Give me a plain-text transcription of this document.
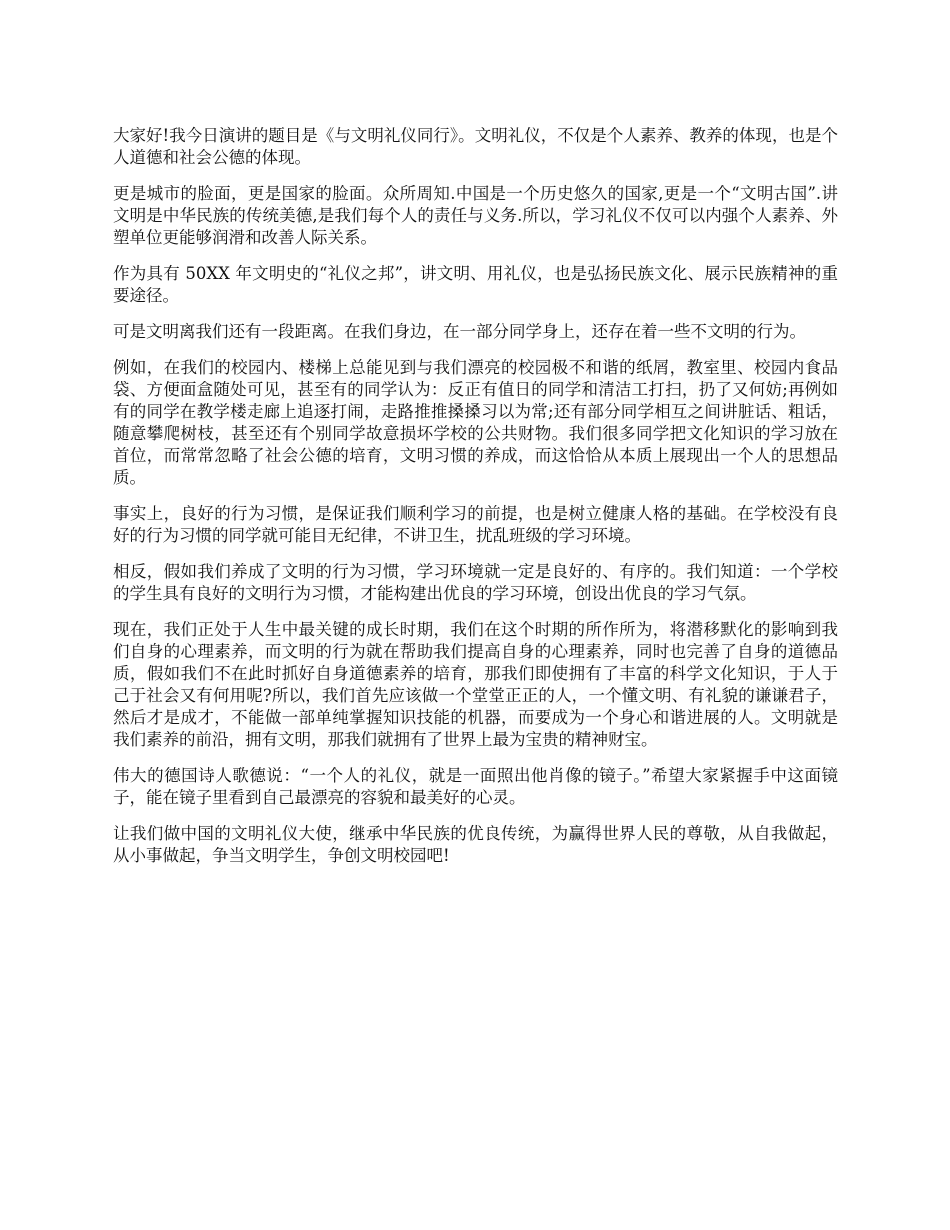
大家好!我今日演讲的题目是《与文明礼仪同行》。文明礼仪，不仅是个人素养、教养的体现，也是个人道德和社会公德的体现。

更是城市的脸面，更是国家的脸面。众所周知.中国是一个历史悠久的国家,更是一个“文明古国”.讲文明是中华民族的传统美德,是我们每个人的责任与义务.所以，学习礼仪不仅可以内强个人素养、外塑单位更能够润滑和改善人际关系。

作为具有 50XX 年文明史的“礼仪之邦”，讲文明、用礼仪，也是弘扬民族文化、展示民族精神的重要途径。

可是文明离我们还有一段距离。在我们身边，在一部分同学身上，还存在着一些不文明的行为。

例如，在我们的校园内、楼梯上总能见到与我们漂亮的校园极不和谐的纸屑，教室里、校园内食品袋、方便面盒随处可见，甚至有的同学认为：反正有值日的同学和清洁工打扫，扔了又何妨;再例如有的同学在教学楼走廊上追逐打闹，走路推推搡搡习以为常;还有部分同学相互之间讲脏话、粗话，随意攀爬树枝，甚至还有个别同学故意损坏学校的公共财物。我们很多同学把文化知识的学习放在首位，而常常忽略了社会公德的培育，文明习惯的养成，而这恰恰从本质上展现出一个人的思想品质。

事实上，良好的行为习惯，是保证我们顺利学习的前提，也是树立健康人格的基础。在学校没有良好的行为习惯的同学就可能目无纪律，不讲卫生，扰乱班级的学习环境。

相反，假如我们养成了文明的行为习惯，学习环境就一定是良好的、有序的。我们知道：一个学校的学生具有良好的文明行为习惯，才能构建出优良的学习环境，创设出优良的学习气氛。

现在，我们正处于人生中最关键的成长时期，我们在这个时期的所作所为，将潜移默化的影响到我们自身的心理素养，而文明的行为就在帮助我们提高自身的心理素养，同时也完善了自身的道德品质，假如我们不在此时抓好自身道德素养的培育，那我们即使拥有了丰富的科学文化知识，于人于己于社会又有何用呢?所以，我们首先应该做一个堂堂正正的人，一个懂文明、有礼貌的谦谦君子，然后才是成才，不能做一部单纯掌握知识技能的机器，而要成为一个身心和谐进展的人。文明就是我们素养的前沿，拥有文明，那我们就拥有了世界上最为宝贵的精神财宝。

伟大的德国诗人歌德说：“一个人的礼仪，就是一面照出他肖像的镜子。”希望大家紧握手中这面镜子，能在镜子里看到自己最漂亮的容貌和最美好的心灵。

让我们做中国的文明礼仪大使，继承中华民族的优良传统，为赢得世界人民的尊敬，从自我做起，从小事做起，争当文明学生，争创文明校园吧!
